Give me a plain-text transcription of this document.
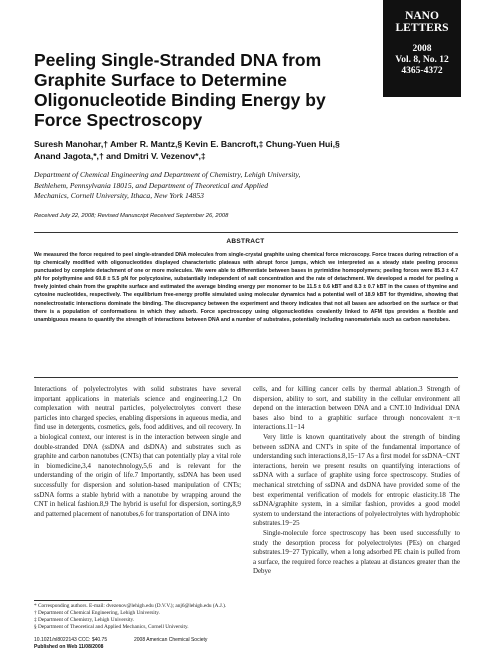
NANO
LETTERS
2008
Vol. 8, No. 12
4365-4372
Peeling Single-Stranded DNA from Graphite Surface to Determine Oligonucleotide Binding Energy by Force Spectroscopy

Suresh Manohar,† Amber R. Mantz,§ Kevin E. Bancroft,‡ Chung-Yuen Hui,§ Anand Jagota,*,† and Dmitri V. Vezenov*,‡

Department of Chemical Engineering and Department of Chemistry, Lehigh University,
Bethlehem, Pennsylvania 18015, and Department of Theoretical and Applied
Mechanics, Cornell University, Ithaca, New York 14853

Received July 22, 2008; Revised Manuscript Received September 26, 2008

ABSTRACT

We measured the force required to peel single-stranded DNA molecules from single-crystal graphite using chemical force microscopy. Force traces during retraction of a tip chemically modified with oligonucleotides displayed characteristic plateaus with abrupt force jumps, which we interpreted as a steady state peeling process punctuated by complete detachment of one or more molecules. We were able to differentiate between bases in pyrimidine homopolymers; peeling forces were 85.3 ± 4.7 pN for polythymine and 60.8 ± 5.5 pN for polycytosine, substantially independent of salt concentration and the rate of detachment. We developed a model for peeling a freely jointed chain from the graphite surface and estimated the average binding energy per monomer to be 11.5 ± 0.6 kBT and 8.3 ± 0.7 kBT in the cases of thymine and cytosine nucleotides, respectively. The equilibrium free-energy profile simulated using molecular dynamics had a potential well of 18.9 kBT for thymidine, showing that nonelectrostatic interactions dominate the binding. The discrepancy between the experiment and theory indicates that not all bases are adsorbed on the surface or that there is a population of conformations in which they adsorb. Force spectroscopy using oligonucleotides covalently linked to AFM tips provides a flexible and unambiguous means to quantify the strength of interactions between DNA and a number of substrates, potentially including nanomaterials such as carbon nanotubes.

Interactions of polyelectrolytes with solid substrates have several important applications in materials science and engineering.1,2 On complexation with neutral particles, polyelectrolytes convert these particles into charged species, enabling dispersions in aqueous media, and find use in detergents, cosmetics, gels, food additives, and oil recovery. In a biological context, our interest is in the interaction between single and double-stranded DNA (ssDNA and dsDNA) and substrates such as graphite and carbon nanotubes (CNTs) that can potentially play a vital role in biomedicine,3,4 nanotechnology,5,6 and is relevant for the understanding of the origin of life.7 Importantly, ssDNA has been used successfully for dispersion and solution-based manipulation of CNTs; ssDNA forms a stable hybrid with a nanotube by wrapping around the CNT in helical fashion.8,9 The hybrid is useful for dispersion, sorting,8,9 and patterned placement of nanotubes,6 for transportation of DNA into

cells, and for killing cancer cells by thermal ablation.3 Strength of dispersion, ability to sort, and stability in the cellular environment all depend on the interaction between DNA and a CNT.10 Individual DNA bases also bind to a graphitic surface through noncovalent π−π interactions.11−14

Very little is known quantitatively about the strength of binding between ssDNA and CNT's in spite of the fundamental importance of understanding such interactions.8,15−17 As a first model for ssDNA−CNT interactions, herein we present results on quantifying interactions of ssDNA with a surface of graphite using force spectroscopy. Studies of mechanical stretching of ssDNA and dsDNA have provided some of the best experimental verification of models for entropic elasticity.18 The ssDNA/graphite system, in a similar fashion, provides a good model system to understand the interactions of polyelectrolytes with hydrophobic substrates.19−25

Single-molecule force spectroscopy has been used successfully to study the desorption process for polyelectrolytes (PEs) on charged substrates.19−27 Typically, when a long adsorbed PE chain is pulled from a surface, the required force reaches a plateau at distances greater than the Debye

* Corresponding authors. E-mail: dvezenov@lehigh.edu (D.V.V.); anj6@lehigh.edu (A.J.).
† Department of Chemical Engineering, Lehigh University.
‡ Department of Chemistry, Lehigh University.
§ Department of Theoretical and Applied Mechanics, Cornell University.
10.1021/nl8022143 CCC: $40.75
Published on Web 11/08/2008
2008 American Chemical Society
